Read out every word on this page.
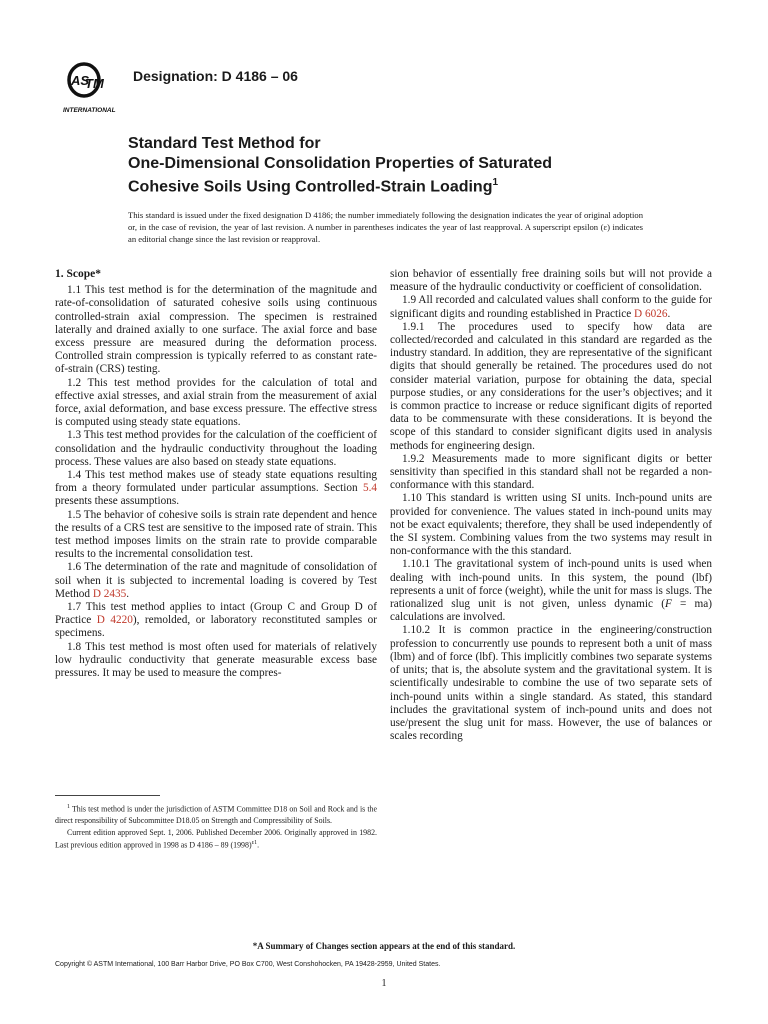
AS
TM
INTERNATIONAL
Designation: D 4186 – 06
Standard Test Method for
One-Dimensional Consolidation Properties of Saturated
Cohesive Soils Using Controlled-Strain Loading$^1$
This standard is issued under the fixed designation D 4186; the number immediately following the designation indicates the year of original adoption or, in the case of revision, the year of last revision. A number in parentheses indicates the year of last reapproval. A superscript epsilon (ε) indicates an editorial change since the last revision or reapproval.
1. Scope*

1.1 This test method is for the determination of the magnitude and rate-of-consolidation of saturated cohesive soils using continuous controlled-strain axial compression. The specimen is restrained laterally and drained axially to one surface. The axial force and base excess pressure are measured during the deformation process. Controlled strain compression is typically referred to as constant rate-of-strain (CRS) testing.

1.2 This test method provides for the calculation of total and effective axial stresses, and axial strain from the measurement of axial force, axial deformation, and base excess pressure. The effective stress is computed using steady state equations.

1.3 This test method provides for the calculation of the coefficient of consolidation and the hydraulic conductivity throughout the loading process. These values are also based on steady state equations.

1.4 This test method makes use of steady state equations resulting from a theory formulated under particular assumptions. Section 5.4 presents these assumptions.

1.5 The behavior of cohesive soils is strain rate dependent and hence the results of a CRS test are sensitive to the imposed rate of strain. This test method imposes limits on the strain rate to provide comparable results to the incremental consolidation test.

1.6 The determination of the rate and magnitude of consolidation of soil when it is subjected to incremental loading is covered by Test Method D 2435.

1.7 This test method applies to intact (Group C and Group D of Practice D 4220), remolded, or laboratory reconstituted samples or specimens.

1.8 This test method is most often used for materials of relatively low hydraulic conductivity that generate measurable excess base pressures. It may be used to measure the compres-

sion behavior of essentially free draining soils but will not provide a measure of the hydraulic conductivity or coefficient of consolidation.

1.9 All recorded and calculated values shall conform to the guide for significant digits and rounding established in Practice D 6026.

1.9.1 The procedures used to specify how data are collected/recorded and calculated in this standard are regarded as the industry standard. In addition, they are representative of the significant digits that should generally be retained. The procedures used do not consider material variation, purpose for obtaining the data, special purpose studies, or any considerations for the user’s objectives; and it is common practice to increase or reduce significant digits of reported data to be commensurate with these considerations. It is beyond the scope of this standard to consider significant digits used in analysis methods for engineering design.

1.9.2 Measurements made to more significant digits or better sensitivity than specified in this standard shall not be regarded a non-conformance with this standard.

1.10 This standard is written using SI units. Inch-pound units are provided for convenience. The values stated in inch-pound units may not be exact equivalents; therefore, they shall be used independently of the SI system. Combining values from the two systems may result in non-conformance with the this standard.

1.10.1 The gravitational system of inch-pound units is used when dealing with inch-pound units. In this system, the pound (lbf) represents a unit of force (weight), while the unit for mass is slugs. The rationalized slug unit is not given, unless dynamic (F = ma) calculations are involved.

1.10.2 It is common practice in the engineering/construction profession to concurrently use pounds to represent both a unit of mass (lbm) and of force (lbf). This implicitly combines two separate systems of units; that is, the absolute system and the gravitational system. It is scientifically undesirable to combine the use of two separate sets of inch-pound units within a single standard. As stated, this standard includes the gravitational system of inch-pound units and does not use/present the slug unit for mass. However, the use of balances or scales recording

$^1$ This test method is under the jurisdiction of ASTM Committee D18 on Soil and Rock and is the direct responsibility of Subcommittee D18.05 on Strength and Compressibility of Soils.

Current edition approved Sept. 1, 2006. Published December 2006. Originally approved in 1982. Last previous edition approved in 1998 as D 4186 – 89 $(1998)^{\varepsilon 1}$.

*A Summary of Changes section appears at the end of this standard.
Copyright © ASTM International, 100 Barr Harbor Drive, PO Box C700, West Conshohocken, PA 19428-2959, United States.
1
